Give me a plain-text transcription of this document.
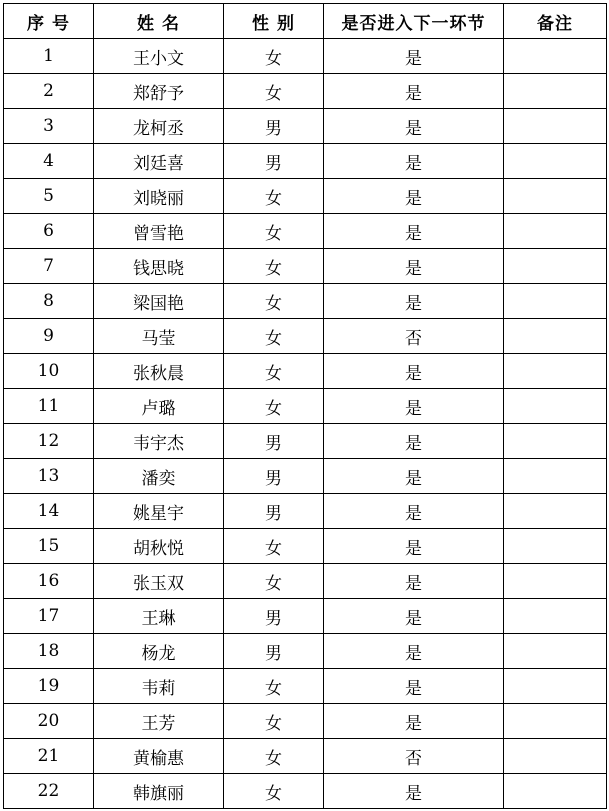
序 号	姓 名	性 别	是否进入下一环节	备注
1	王小文	女	是	
2	郑舒予	女	是	
3	龙柯丞	男	是	
4	刘廷喜	男	是	
5	刘晓丽	女	是	
6	曾雪艳	女	是	
7	钱思晓	女	是	
8	梁国艳	女	是	
9	马莹	女	否	
10	张秋晨	女	是	
11	卢璐	女	是	
12	韦宇杰	男	是	
13	潘奕	男	是	
14	姚星宇	男	是	
15	胡秋悦	女	是	
16	张玉双	女	是	
17	王琳	男	是	
18	杨龙	男	是	
19	韦莉	女	是	
20	王芳	女	是	
21	黄榆惠	女	否	
22	韩旗丽	女	是	
